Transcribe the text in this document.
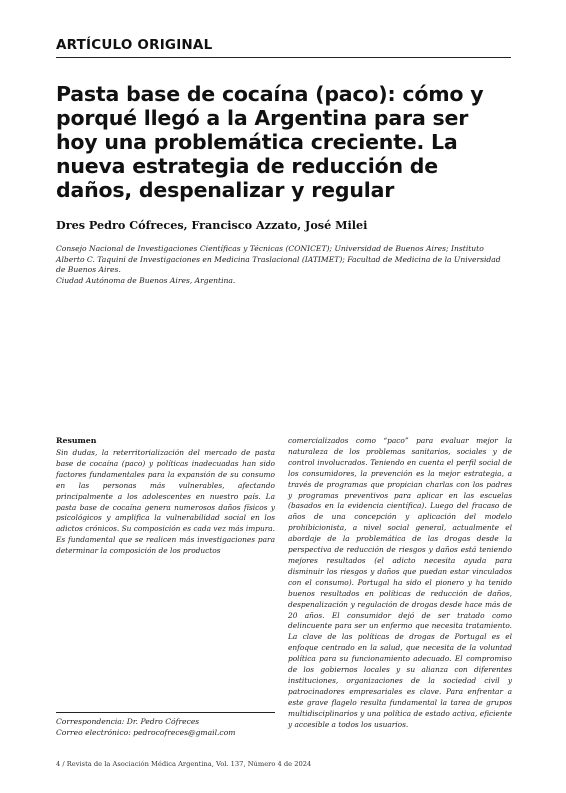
ARTÍCULO ORIGINAL
Pasta base de cocaína (paco): cómo y porqué llegó a la Argentina para ser hoy una problemática creciente. La nueva estrategia de reducción de daños, despenalizar y regular
Dres Pedro Cófreces, Francisco Azzato, José Milei
Consejo Nacional de Investigaciones Científicas y Técnicas (CONICET); Universidad de Buenos Aires; Instituto Alberto C. Taquini de Investigaciones en Medicina Traslacional (IATIMET); Facultad de Medicina de la Universidad de Buenos Aires.
Ciudad Autónoma de Buenos Aires, Argentina.
Resumen

Sin dudas, la reterritorialización del mercado de pasta base de cocaína (paco) y políticas inadecuadas han sido factores fundamentales para la expansión de su consumo en las personas más vulnerables, afectando principalmente a los adolescentes en nuestro país. La pasta base de cocaína genera numerosos daños físicos y psicológicos y amplifica la vulnerabilidad social en los adictos crónicos. Su composición es cada vez más impura. Es fundamental que se realicen más investigaciones para determinar la composición de los productos

comercializados como “paco” para evaluar mejor la naturaleza de los problemas sanitarios, sociales y de control involucrados. Teniendo en cuenta el perfil social de los consumidores, la prevención es la mejor estrategia, a través de programas que propician charlas con los padres y programas preventivos para aplicar en las escuelas (basados en la evidencia científica). Luego del fracaso de años de una concepción y aplicación del modelo prohibicionista, a nivel social general, actualmente el abordaje de la problemática de las drogas desde la perspectiva de reducción de riesgos y daños está teniendo mejores resultados (el adicto necesita ayuda para disminuir los riesgos y daños que puedan estar vinculados con el consumo). Portugal ha sido el pionero y ha tenido buenos resultados en políticas de reducción de daños, despenalización y regulación de drogas desde hace más de 20 años. El consumidor dejó de ser tratado como delincuente para ser un enfermo que necesita tratamiento. La clave de las políticas de drogas de Portugal es el enfoque centrado en la salud, que necesita de la voluntad política para su funcionamiento adecuado. El compromiso de los gobiernos locales y su alianza con diferentes instituciones, organizaciones de la sociedad civil y patrocinadores empresariales es clave. Para enfrentar a este grave flagelo resulta fundamental la tarea de grupos multidisciplinarios y una política de estado activa, eficiente y accesible a todos los usuarios.

Correspondencia: Dr. Pedro Cófreces
Correo electrónico: pedrocofreces@gmail.com
4 / Revista de la Asociación Médica Argentina, Vol. 137, Número 4 de 2024
